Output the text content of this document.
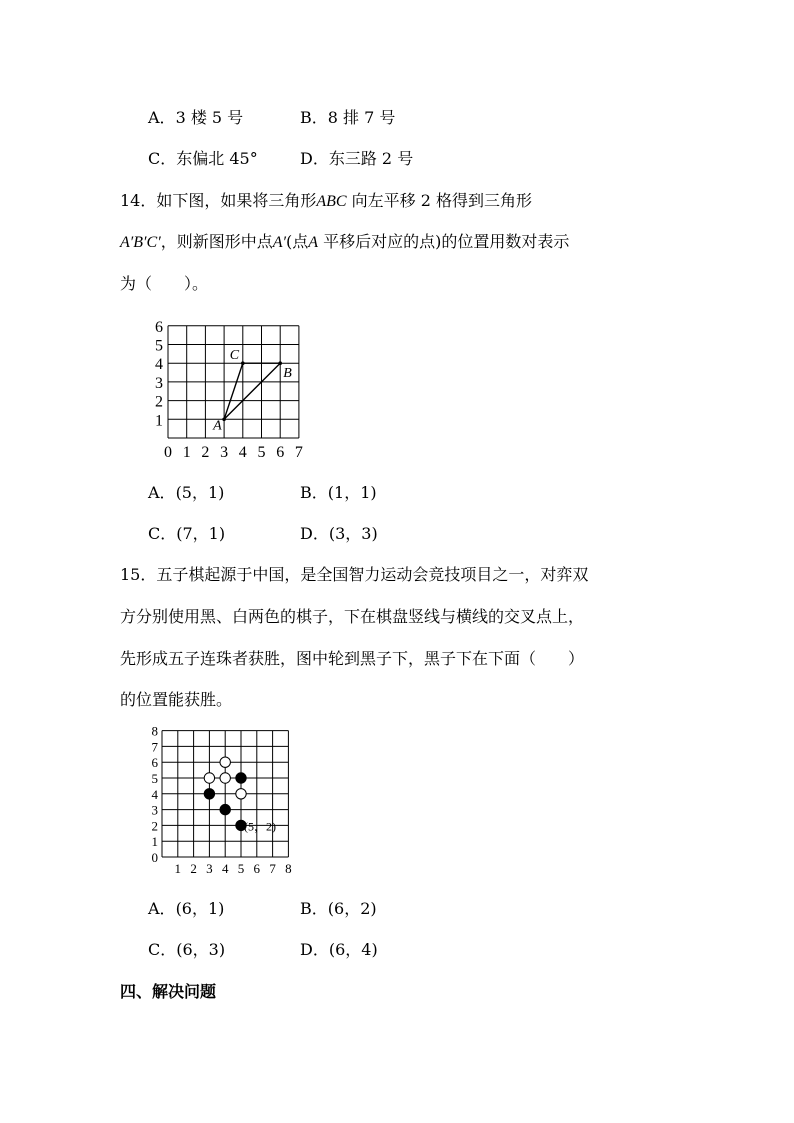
A．3 楼 5 号	B．8 排 7 号
C．东偏北 45°	D．东三路 2 号
14．如下图，如果将三角形ABC 向左平移 2 格得到三角形
A′B′C′，则新图形中点A′(点A 平移后对应的点)的位置用数对表示
为（　　）。
1
2
3
4
5
6
0 1 2 3 4 5 6 7
A
B
C
A．(5，1)	B．(1，1)
C．(7，1)	D．(3，3)
15．五子棋起源于中国，是全国智力运动会竞技项目之一，对弈双
方分别使用黑、白两色的棋子，下在棋盘竖线与横线的交叉点上，
先形成五子连珠者获胜，图中轮到黑子下，黑子下在下面（　　）
的位置能获胜。
0
1
2
3
4
5
6
7
8
1 2 3 4 5 6 7 8
(5，2)
A．(6，1)	B．(6，2)
C．(6，3)	D．(6，4)
四、解决问题
